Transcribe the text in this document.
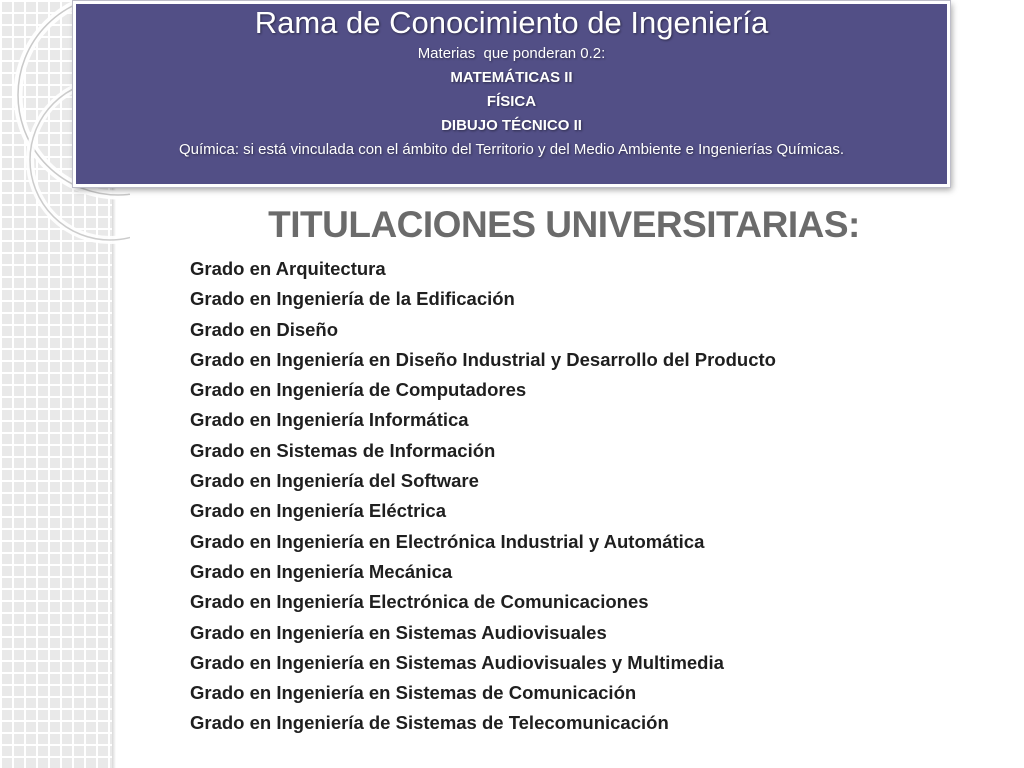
Rama de Conocimiento de Ingeniería
Materias  que ponderan 0.2:
MATEMÁTICAS II
FÍSICA
DIBUJO TÉCNICO II
Química: si está vinculada con el ámbito del Territorio y del Medio Ambiente e Ingenierías Químicas.
TITULACIONES UNIVERSITARIAS:
Grado en Arquitectura
Grado en Ingeniería de la Edificación
Grado en Diseño
Grado en Ingeniería en Diseño Industrial y Desarrollo del Producto
Grado en Ingeniería de Computadores
Grado en Ingeniería Informática
Grado en Sistemas de Información
Grado en Ingeniería del Software
Grado en Ingeniería Eléctrica
Grado en Ingeniería en Electrónica Industrial y Automática
Grado en Ingeniería Mecánica
Grado en Ingeniería Electrónica de Comunicaciones
Grado en Ingeniería en Sistemas Audiovisuales
Grado en Ingeniería en Sistemas Audiovisuales y Multimedia
Grado en Ingeniería en Sistemas de Comunicación
Grado en Ingeniería de Sistemas de Telecomunicación
